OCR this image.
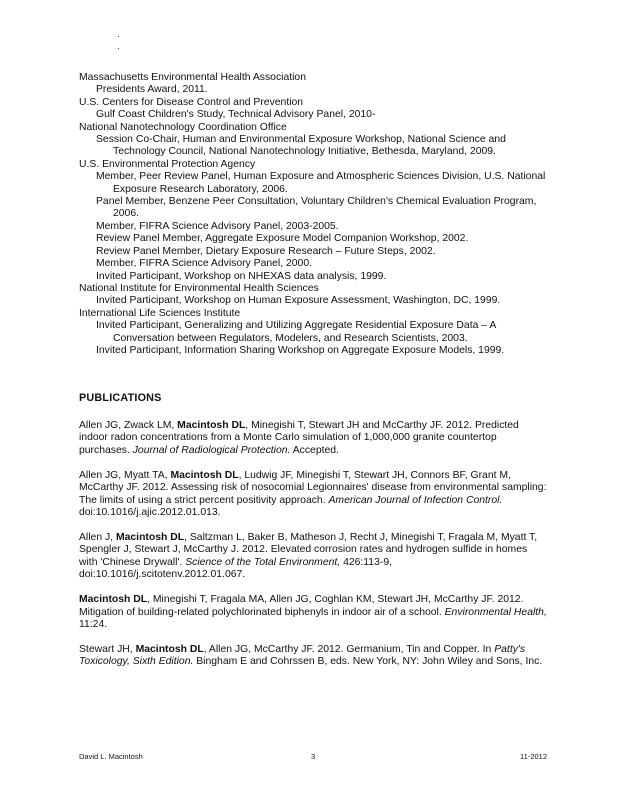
Massachusetts Environmental Health Association

Presidents Award, 2011.

U.S. Centers for Disease Control and Prevention

Gulf Coast Children's Study, Technical Advisory Panel, 2010-

National Nanotechnology Coordination Office

Session Co-Chair, Human and Environmental Exposure Workshop, National Science and Technology Council, National Nanotechnology Initiative, Bethesda, Maryland, 2009.

U.S. Environmental Protection Agency

Member, Peer Review Panel, Human Exposure and Atmospheric Sciences Division, U.S. National Exposure Research Laboratory, 2006.

Panel Member, Benzene Peer Consultation, Voluntary Children's Chemical Evaluation Program, 2006.

Member, FIFRA Science Advisory Panel, 2003-2005.

Review Panel Member, Aggregate Exposure Model Companion Workshop, 2002.

Review Panel Member, Dietary Exposure Research – Future Steps, 2002.

Member, FIFRA Science Advisory Panel, 2000.

Invited Participant, Workshop on NHEXAS data analysis, 1999.

National Institute for Environmental Health Sciences

Invited Participant, Workshop on Human Exposure Assessment, Washington, DC, 1999.

International Life Sciences Institute

Invited Participant, Generalizing and Utilizing Aggregate Residential Exposure Data – A Conversation between Regulators, Modelers, and Research Scientists, 2003.

Invited Participant, Information Sharing Workshop on Aggregate Exposure Models, 1999.

PUBLICATIONS

Allen JG, Zwack LM, Macintosh DL, Minegishi T, Stewart JH and McCarthy JF. 2012. Predicted indoor radon concentrations from a Monte Carlo simulation of 1,000,000 granite countertop purchases. Journal of Radiological Protection. Accepted.

Allen JG, Myatt TA, Macintosh DL, Ludwig JF, Minegishi T, Stewart JH, Connors BF, Grant M, McCarthy JF. 2012. Assessing risk of nosocomial Legionnaires' disease from environmental sampling: The limits of using a strict percent positivity approach. American Journal of Infection Control. doi:10.1016/j.ajic.2012.01.013.

Allen J, Macintosh DL, Saltzman L, Baker B, Matheson J, Recht J, Minegishi T, Fragala M, Myatt T, Spengler J, Stewart J, McCarthy J. 2012. Elevated corrosion rates and hydrogen sulfide in homes with 'Chinese Drywall'. Science of the Total Environment, 426:113-9, doi:10.1016/j.scitotenv.2012.01.067.

Macintosh DL, Minegishi T, Fragala MA, Allen JG, Coghlan KM, Stewart JH, McCarthy JF. 2012. Mitigation of building-related polychlorinated biphenyls in indoor air of a school. Environmental Health, 11:24.

Stewart JH, Macintosh DL, Allen JG, McCarthy JF. 2012. Germanium, Tin and Copper. In Patty's Toxicology, Sixth Edition. Bingham E and Cohrssen B, eds. New York, NY: John Wiley and Sons, Inc.

David L. Macintosh	3	11-2012
